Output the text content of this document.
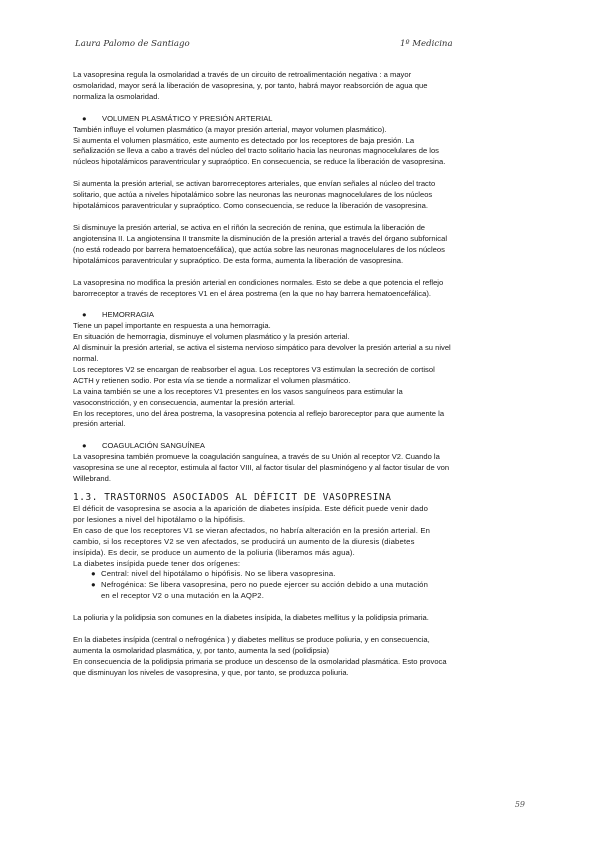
Laura Palomo de Santiago	1º Medicina

La vasopresina regula la osmolaridad a través de un circuito de retroalimentación negativa : a mayor

osmolaridad, mayor será la liberación de vasopresina, y, por tanto, habrá mayor reabsorción de agua que

normaliza la osmolaridad.

● VOLUMEN PLASMÁTICO Y PRESIÓN ARTERIAL

También influye el volumen plasmático (a mayor presión arterial, mayor volumen plasmático).

Si aumenta el volumen plasmático, este aumento es detectado por los receptores de baja presión. La

señalización se lleva a cabo a través del núcleo del tracto solitario hacia las neuronas magnocelulares de los

núcleos hipotalámicos paraventricular y supraóptico. En consecuencia, se reduce la liberación de vasopresina.

Si aumenta la presión arterial, se activan barorreceptores arteriales, que envían señales al núcleo del tracto

solitario, que actúa a niveles hipotalámico sobre las neuronas las neuronas magnocelulares de los núcleos

hipotalámicos paraventricular y supraóptico. Como consecuencia, se reduce la liberación de vasopresina.

Si disminuye la presión arterial, se activa en el riñón la secreción de renina, que estimula la liberación de

angiotensina II. La angiotensina II transmite la disminución de la presión arterial a través del órgano subfornical

(no está rodeado por barrera hematoencefálica), que actúa sobre las neuronas magnocelulares de los núcleos

hipotalámicos paraventricular y supraóptico. De esta forma, aumenta la liberación de vasopresina.

La vasopresina no modifica la presión arterial en condiciones normales. Esto se debe a que potencia el reflejo

barorreceptor a través de receptores V1 en el área postrema (en la que no hay barrera hematoencefálica).

● HEMORRAGIA

Tiene un papel importante en respuesta a una hemorragia.

En situación de hemorragia, disminuye el volumen plasmático y la presión arterial.

Al disminuir la presión arterial, se activa el sistema nervioso simpático para devolver la presión arterial a su nivel

normal.

Los receptores V2 se encargan de reabsorber el agua. Los receptores V3 estimulan la secreción de cortisol

ACTH y retienen sodio. Por esta vía se tiende a normalizar el volumen plasmático.

La vaina también se une a los receptores V1 presentes en los vasos sanguíneos para estimular la

vasoconstricción, y en consecuencia, aumentar la presión arterial.

En los receptores, uno del área postrema, la vasopresina potencia al reflejo baroreceptor para que aumente la

presión arterial.

● COAGULACIÓN SANGUÍNEA

La vasopresina también promueve la coagulación sanguínea, a través de su Unión al receptor V2. Cuando la

vasopresina se une al receptor, estimula al factor VIII, al factor tisular del plasminógeno y al factor tisular de von

Willebrand.

1.3. TRASTORNOS ASOCIADOS AL DÉFICIT DE VASOPRESINA

El déficit de vasopresina se asocia a la aparición de diabetes insípida. Este déficit puede venir dado

por lesiones a nivel del hipotálamo o la hipófisis.

En caso de que los receptores V1 se vieran afectados, no habría alteración en la presión arterial. En

cambio, si los receptores V2 se ven afectados, se producirá un aumento de la diuresis (diabetes

insípida). Es decir, se produce un aumento de la poliuria (liberamos más agua).

La diabetes insípida puede tener dos orígenes:

● Central: nivel del hipotálamo o hipófisis. No se libera vasopresina.
● Nefrogénica: Se libera vasopresina, pero no puede ejercer su acción debido a una mutación
en el receptor V2 o una mutación en la AQP2.

La poliuria y la polidipsia son comunes en la diabetes insípida, la diabetes mellitus y la polidipsia primaria.

En la diabetes insípida (central o nefrogénica ) y diabetes mellitus se produce poliuria, y en consecuencia,

aumenta la osmolaridad plasmática, y, por tanto, aumenta la sed (polidipsia)

En consecuencia de la polidipsia primaria se produce un descenso de la osmolaridad plasmática. Esto provoca

que disminuyan los niveles de vasopresina, y que, por tanto, se produzca poliuria.

59
